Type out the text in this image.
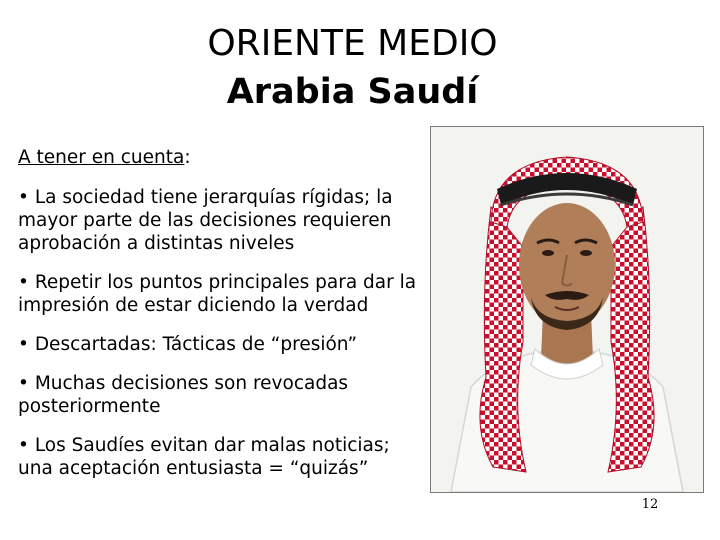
ORIENTE MEDIO
Arabia Saudí
A tener en cuenta:
• La sociedad tiene jerarquías rígidas; la mayor parte de las decisiones requieren aprobación a distintas niveles
• Repetir los puntos principales para dar la impresión de estar diciendo la verdad
• Descartadas: Tácticas de “presión”
• Muchas decisiones son revocadas posteriormente
• Los Saudíes evitan dar malas noticias; una aceptación entusiasta = “quizás”
12
